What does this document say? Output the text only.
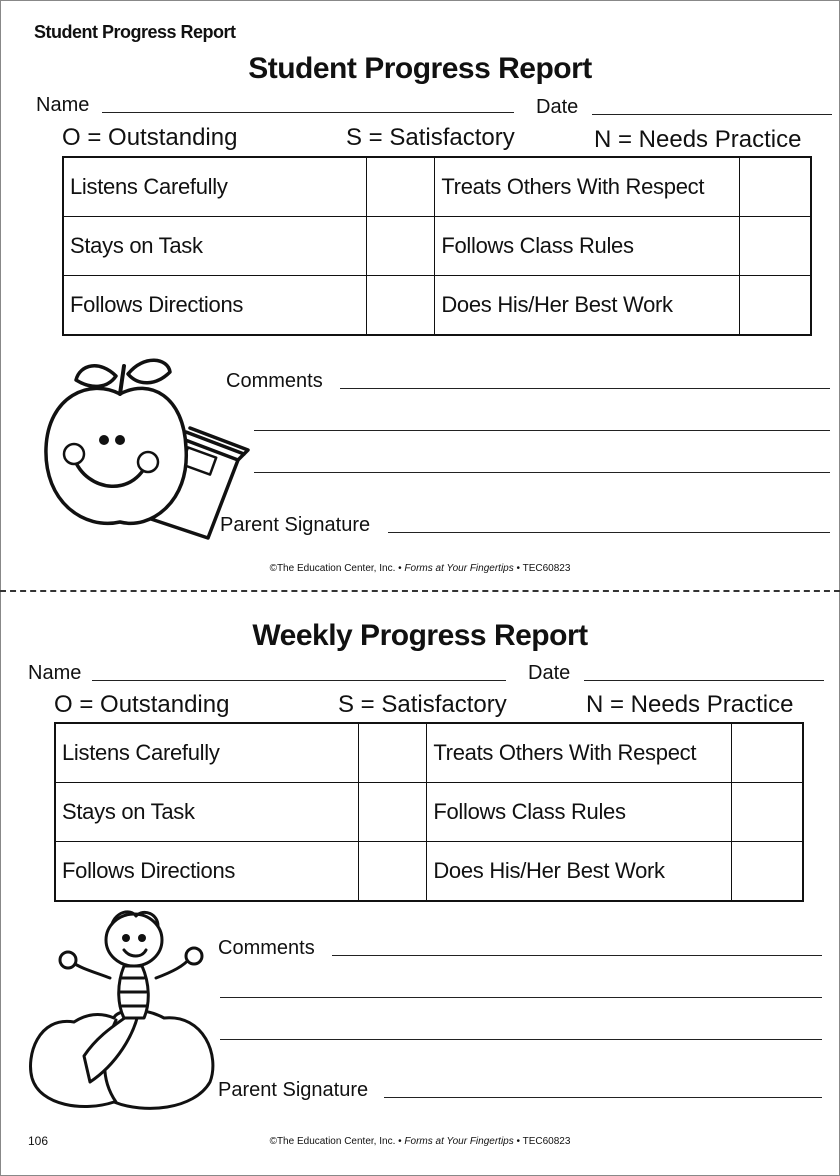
Student Progress Report
Student Progress Report
Name	Date
O = Outstanding	S = Satisfactory	N = Needs Practice
Listens Carefully		Treats Others With Respect	
Stays on Task		Follows Class Rules	
Follows Directions		Does His/Her Best Work	
Comments
Parent Signature
©The Education Center, Inc. • Forms at Your Fingertips • TEC60823
Weekly Progress Report
Name	Date
O = Outstanding	S = Satisfactory	N = Needs Practice
Listens Carefully		Treats Others With Respect	
Stays on Task		Follows Class Rules	
Follows Directions		Does His/Her Best Work	
Comments
Parent Signature
©The Education Center, Inc. • Forms at Your Fingertips • TEC60823
106
